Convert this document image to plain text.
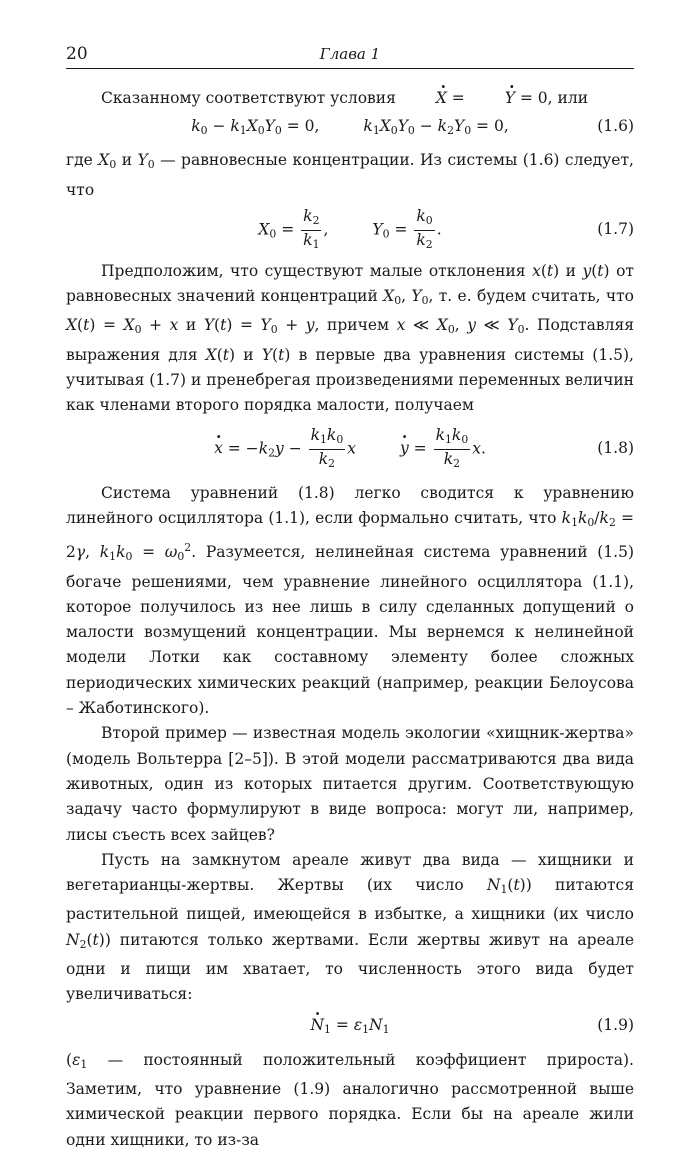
20	Глава 1

Сказанному соответствуют условия	X · = Y · = 0, или

$k_0 - k_1X_0Y_0 = 0$,	$k_1X_0Y_0 - k_2Y_0 = 0$,	(1.6)

где $X_0$ и $Y_0$ — равновесные концентрации. Из системы (1.6) следует, что

$X_0 = \frac{k_2}{k_1}$ ,	$Y_0 = \frac{k_0}{k_2}$ .	(1.7)

Предположим, что существуют малые отклонения x(t) и y(t) от равновесных значений концентраций $X_0$, $Y_0$, т. е. будем считать, что $X(t) = X_0 + x$ и $Y(t) = Y_0 + y$, причем x ≪ $X_0$, y ≪ $Y_0$. Подставляя выражения для X(t) и Y(t) в первые два уравнения системы (1.5), учитывая (1.7) и пренебрегая произведениями переменных величин как членами второго порядка малости, получаем

x · = $-k_2y - \frac{k_1k_0}{k_2}$ x	y · = $\frac{k_1k_0}{k_2} x$.	(1.8)

Система уравнений (1.8) легко сводится к уравнению линейного осциллятора (1.1), если формально считать, что $k_1k_0/k_2 = 2\gamma$, $k_1k_0 = \omega_0^2$. Разумеется, нелинейная система уравнений (1.5) богаче решениями, чем уравнение линейного осциллятора (1.1), которое получилось из нее лишь в силу сделанных допущений о малости возмущений концентрации. Мы вернемся к нелинейной модели Лотки как составному элементу более сложных периодических химических реакций (например, реакции Белоусова – Жаботинского).

Второй пример — известная модель экологии «хищник-жертва» (модель Вольтерра [2–5]). В этой модели рассматриваются два вида животных, один из которых питается другим. Соответствующую задачу часто формулируют в виде вопроса: могут ли, например, лисы съесть всех зайцев?

Пусть на замкнутом ареале живут два вида — хищники и вегетарианцы-жертвы. Жертвы (их число $N_1(t)$) питаются растительной пищей, имеющейся в избытке, а хищники (их число $N_2(t)$) питаются только жертвами. Если жертвы живут на ареале одни и пищи им хватает, то численность этого вида будет увеличиваться:

$N \cdot_1 = \varepsilon_1N_1$	(1.9)

($\varepsilon_1$ — постоянный положительный коэффициент прироста). Заметим, что уравнение (1.9) аналогично рассмотренной выше химической реакции первого порядка. Если бы на ареале жили одни хищники, то из-за
